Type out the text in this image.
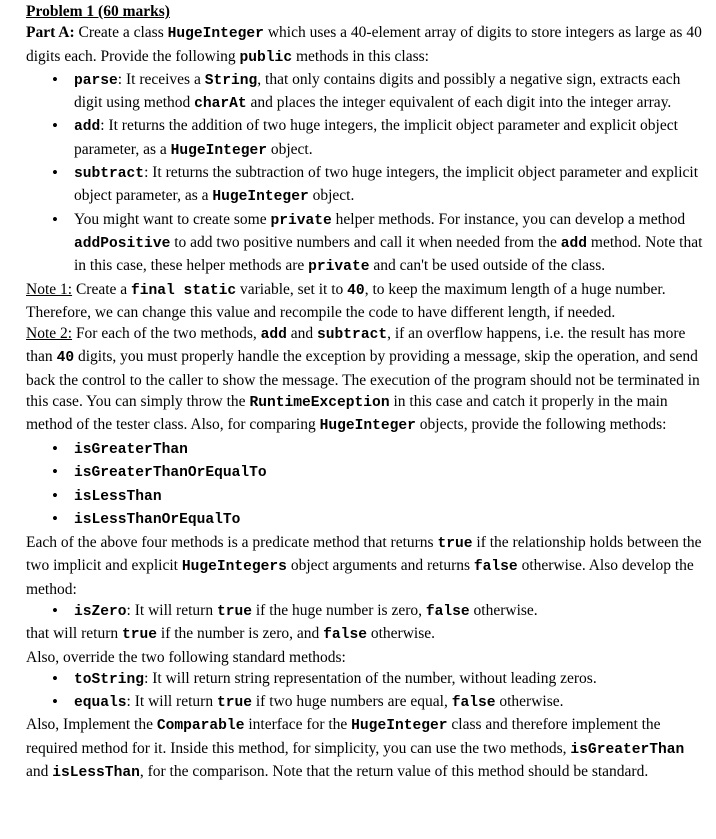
Problem 1 (60 marks)

Part A: Create a class HugeInteger which uses a 40-element array of digits to store integers as large as 40 digits each. Provide the following public methods in this class:

• parse: It receives a String, that only contains digits and possibly a negative sign, extracts each digit using method charAt and places the integer equivalent of each digit into the integer array.
• add: It returns the addition of two huge integers, the implicit object parameter and explicit object parameter, as a HugeInteger object.
• subtract: It returns the subtraction of two huge integers, the implicit object parameter and explicit object parameter, as a HugeInteger object.
• You might want to create some private helper methods. For instance, you can develop a method addPositive to add two positive numbers and call it when needed from the add method. Note that in this case, these helper methods are private and can't be used outside of the class.

Note 1: Create a final static variable, set it to 40, to keep the maximum length of a huge number. Therefore, we can change this value and recompile the code to have different length, if needed.

Note 2: For each of the two methods, add and subtract, if an overflow happens, i.e. the result has more than 40 digits, you must properly handle the exception by providing a message, skip the operation, and send back the control to the caller to show the message. The execution of the program should not be terminated in this case. You can simply throw the RuntimeException in this case and catch it properly in the main method of the tester class. Also, for comparing HugeInteger objects, provide the following methods:

• isGreaterThan
• isGreaterThanOrEqualTo
• isLessThan
• isLessThanOrEqualTo

Each of the above four methods is a predicate method that returns true if the relationship holds between the two implicit and explicit HugeIntegers object arguments and returns false otherwise. Also develop the method:

• isZero: It will return true if the huge number is zero, false otherwise.

that will return true if the number is zero, and false otherwise.

Also, override the two following standard methods:

• toString: It will return string representation of the number, without leading zeros.
• equals: It will return true if two huge numbers are equal, false otherwise.

Also, Implement the Comparable interface for the HugeInteger class and therefore implement the required method for it. Inside this method, for simplicity, you can use the two methods, isGreaterThan and isLessThan, for the comparison. Note that the return value of this method should be standard.
